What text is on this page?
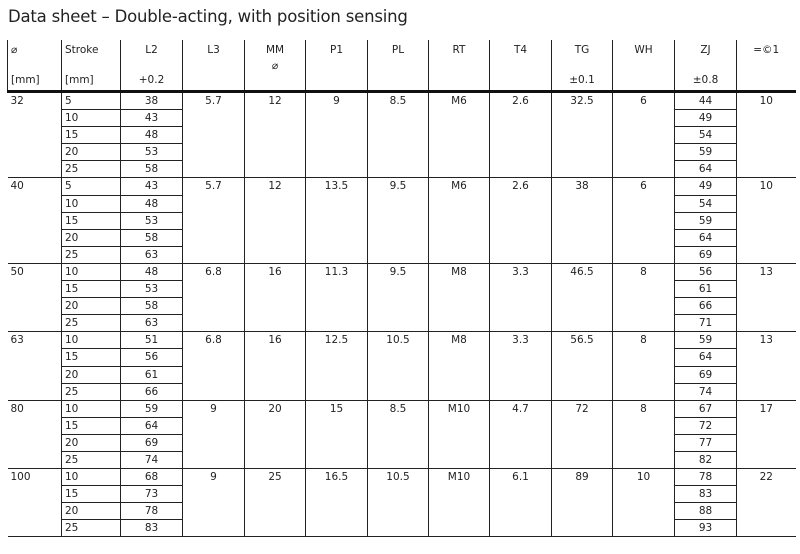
Data sheet – Double-acting, with position sensing
⌀	Stroke	L2	L3	MM	P1	PL	RT	T4	TG	WH	ZJ	=©1
				⌀								
[mm]	[mm]	+0.2							±0.1		±0.8	
32	5	38	5.7	12	9	8.5	M6	2.6	32.5	6	44	10
	10	43									49	
	15	48									54	
	20	53									59	
	25	58									64	
40	5	43	5.7	12	13.5	9.5	M6	2.6	38	6	49	10
	10	48									54	
	15	53									59	
	20	58									64	
	25	63									69	
50	10	48	6.8	16	11.3	9.5	M8	3.3	46.5	8	56	13
	15	53									61	
	20	58									66	
	25	63									71	
63	10	51	6.8	16	12.5	10.5	M8	3.3	56.5	8	59	13
	15	56									64	
	20	61									69	
	25	66									74	
80	10	59	9	20	15	8.5	M10	4.7	72	8	67	17
	15	64									72	
	20	69									77	
	25	74									82	
100	10	68	9	25	16.5	10.5	M10	6.1	89	10	78	22
	15	73									83	
	20	78									88	
	25	83									93	
